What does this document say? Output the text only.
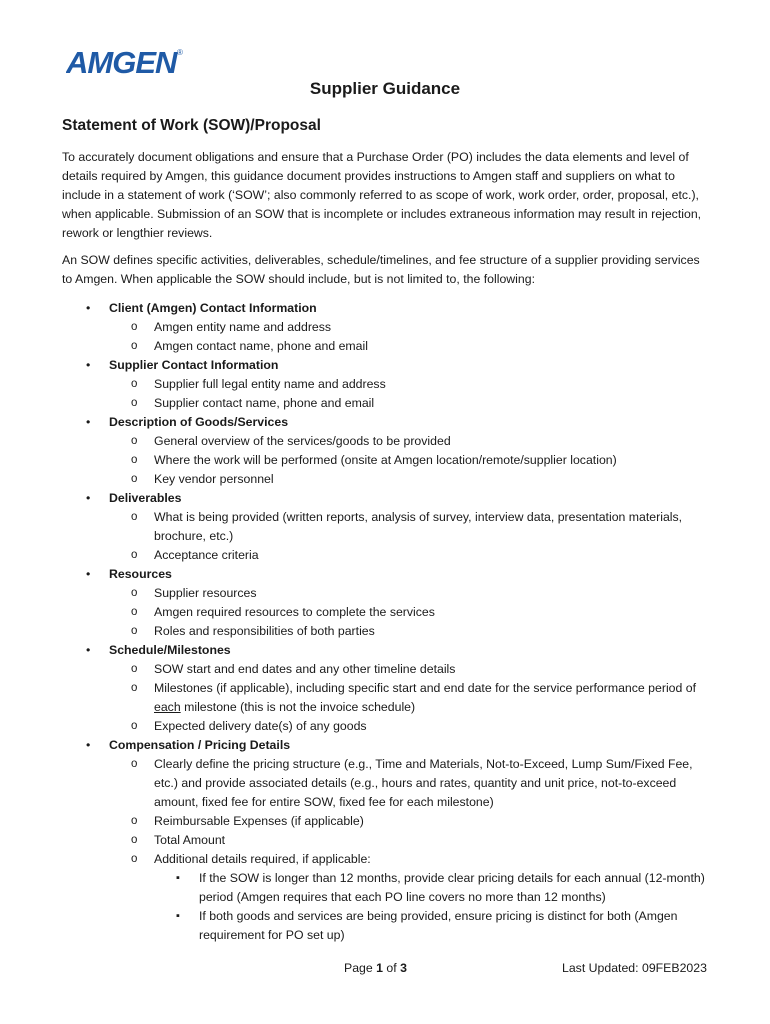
AMGEN ®
Supplier Guidance
Statement of Work (SOW)/Proposal
To accurately document obligations and ensure that a Purchase Order (PO) includes the data elements and level of details required by Amgen, this guidance document provides instructions to Amgen staff and suppliers on what to include in a statement of work (‘SOW’; also commonly referred to as scope of work, work order, order, proposal, etc.), when applicable. Submission of an SOW that is incomplete or includes extraneous information may result in rejection, rework or lengthier reviews.
An SOW defines specific activities, deliverables, schedule/timelines, and fee structure of a supplier providing services to Amgen. When applicable the SOW should include, but is not limited to, the following:
• Client (Amgen) Contact Information
o Amgen entity name and address
o Amgen contact name, phone and email
• Supplier Contact Information
o Supplier full legal entity name and address
o Supplier contact name, phone and email
• Description of Goods/Services
o General overview of the services/goods to be provided
o Where the work will be performed (onsite at Amgen location/remote/supplier location)
o Key vendor personnel
• Deliverables
o What is being provided (written reports, analysis of survey, interview data, presentation materials, brochure, etc.)
o Acceptance criteria
• Resources
o Supplier resources
o Amgen required resources to complete the services
o Roles and responsibilities of both parties
• Schedule/Milestones
o SOW start and end dates and any other timeline details
o Milestones (if applicable), including specific start and end date for the service performance period of each milestone (this is not the invoice schedule)
o Expected delivery date(s) of any goods
• Compensation / Pricing Details
o Clearly define the pricing structure (e.g., Time and Materials, Not-to-Exceed, Lump Sum/Fixed Fee, etc.) and provide associated details (e.g., hours and rates, quantity and unit price, not-to-exceed amount, fixed fee for entire SOW, fixed fee for each milestone)
o Reimbursable Expenses (if applicable)
o Total Amount
o Additional details required, if applicable:
▪ If the SOW is longer than 12 months, provide clear pricing details for each annual (12-month) period (Amgen requires that each PO line covers no more than 12 months)
▪ If both goods and services are being provided, ensure pricing is distinct for both (Amgen requirement for PO set up)
Page 1 of 3	Last Updated: 09FEB2023
